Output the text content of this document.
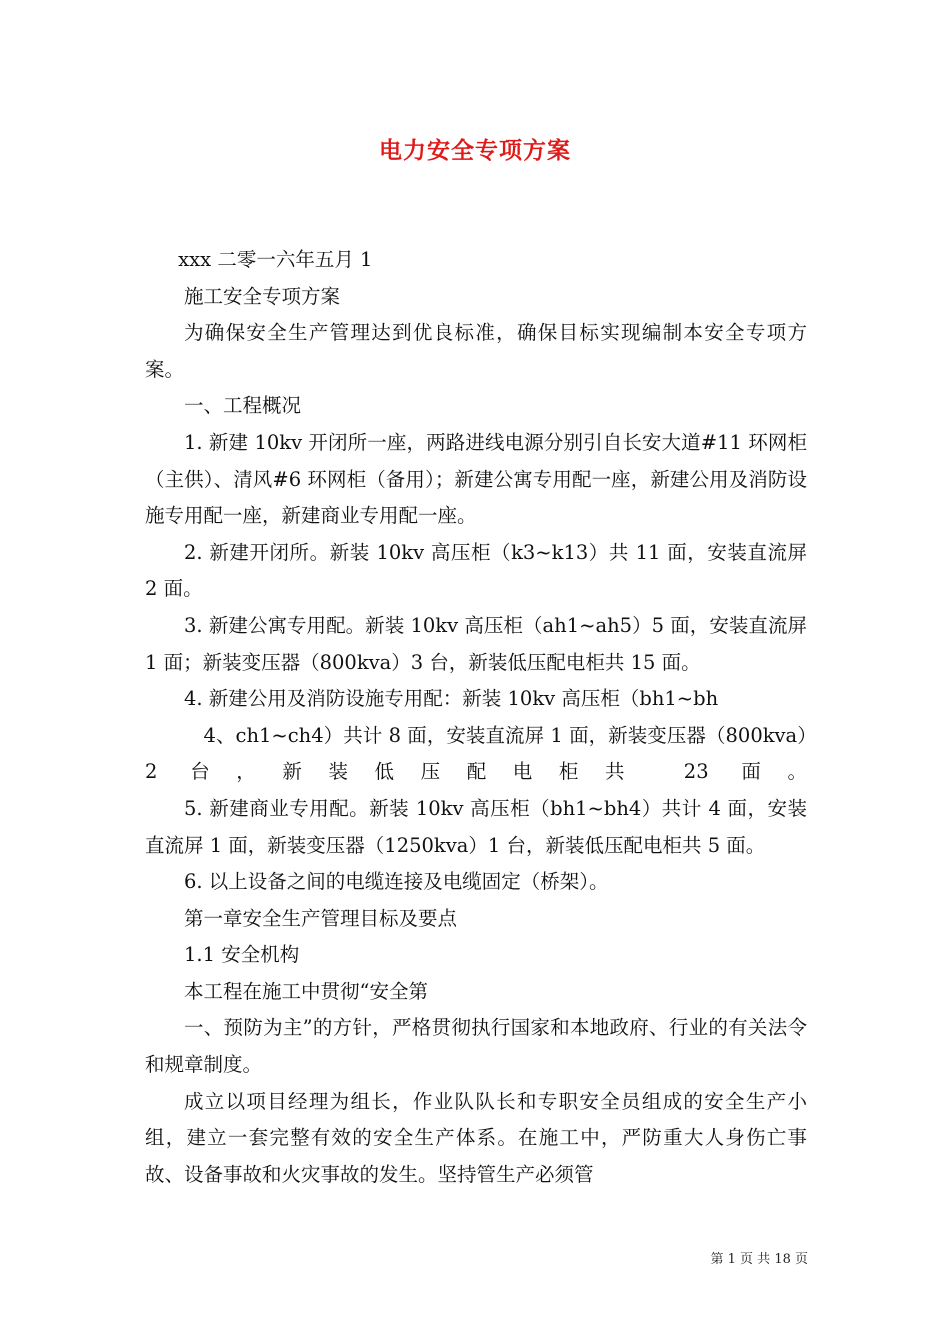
电力安全专项方案

xxx 二零一六年五月 1

施工安全专项方案

为确保安全生产管理达到优良标准，确保目标实现编制本安全专项方案。

一、工程概况

1. 新建 10kv 开闭所一座，两路进线电源分别引自长安大道#11 环网柜（主供）、清风#6 环网柜（备用）；新建公寓专用配一座，新建公用及消防设施专用配一座，新建商业专用配一座。

2. 新建开闭所。新装 10kv 高压柜（k3~k13）共 11 面，安装直流屏 2 面。

3. 新建公寓专用配。新装 10kv 高压柜（ah1~ah5）5 面，安装直流屏 1 面；新装变压器（800kva）3 台，新装低压配电柜共 15 面。

4. 新建公用及消防设施专用配：新装 10kv 高压柜（bh1~bh

4、ch1~ch4）共计 8 面，安装直流屏 1 面，新装变压器（800kva）2 台，新装低压配电柜共 23 面。

5. 新建商业专用配。新装 10kv 高压柜（bh1~bh4）共计 4 面，安装直流屏 1 面，新装变压器（1250kva）1 台，新装低压配电柜共 5 面。

6. 以上设备之间的电缆连接及电缆固定（桥架）。

第一章安全生产管理目标及要点

1.1 安全机构

本工程在施工中贯彻“安全第

一、预防为主”的方针，严格贯彻执行国家和本地政府、行业的有关法令和规章制度。

成立以项目经理为组长，作业队队长和专职安全员组成的安全生产小组，建立一套完整有效的安全生产体系。在施工中，严防重大人身伤亡事故、设备事故和火灾事故的发生。坚持管生产必须管

第 1 页 共 18 页
